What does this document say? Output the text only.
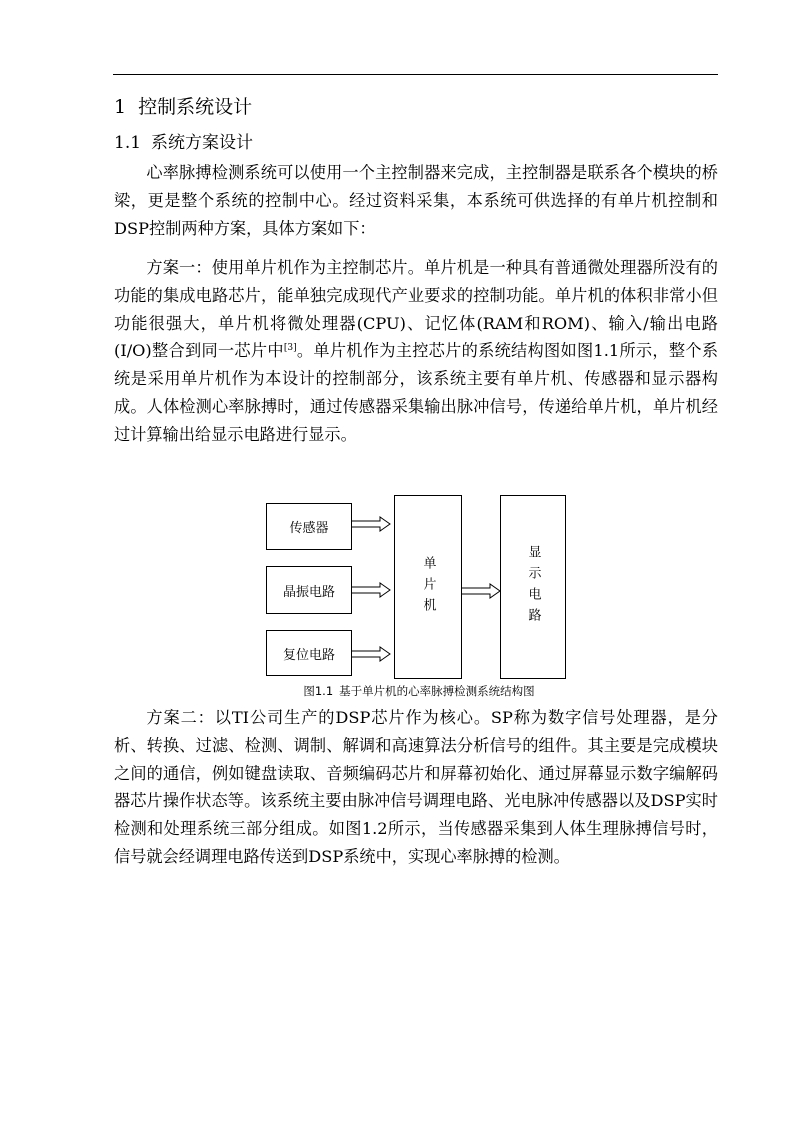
1 控制系统设计
1.1 系统方案设计

心率脉搏检测系统可以使用一个主控制器来完成，主控制器是联系各个模块的桥梁，更是整个系统的控制中心。经过资料采集，本系统可供选择的有单片机控制和DSP控制两种方案，具体方案如下：

方案一：使用单片机作为主控制芯片。单片机是一种具有普通微处理器所没有的功能的集成电路芯片，能单独完成现代产业要求的控制功能。单片机的体积非常小但功能很强大，单片机将微处理器(CPU)、记忆体(RAM和ROM)、输入/输出电路(I/O)整合到同一芯片中[3]。单片机作为主控芯片的系统结构图如图1.1所示，整个系统是采用单片机作为本设计的控制部分，该系统主要有单片机、传感器和显示器构成。人体检测心率脉搏时，通过传感器采集输出脉冲信号，传递给单片机，单片机经过计算输出给显示电路进行显示。

传感器
晶振电路
复位电路
单片机	显示电路
图1.1 基于单片机的心率脉搏检测系统结构图

方案二：以TI公司生产的DSP芯片作为核心。SP称为数字信号处理器，是分析、转换、过滤、检测、调制、解调和高速算法分析信号的组件。其主要是完成模块之间的通信，例如键盘读取、音频编码芯片和屏幕初始化、通过屏幕显示数字编解码器芯片操作状态等。该系统主要由脉冲信号调理电路、光电脉冲传感器以及DSP实时检测和处理系统三部分组成。如图1.2所示，当传感器采集到人体生理脉搏信号时，信号就会经调理电路传送到DSP系统中，实现心率脉搏的检测。
